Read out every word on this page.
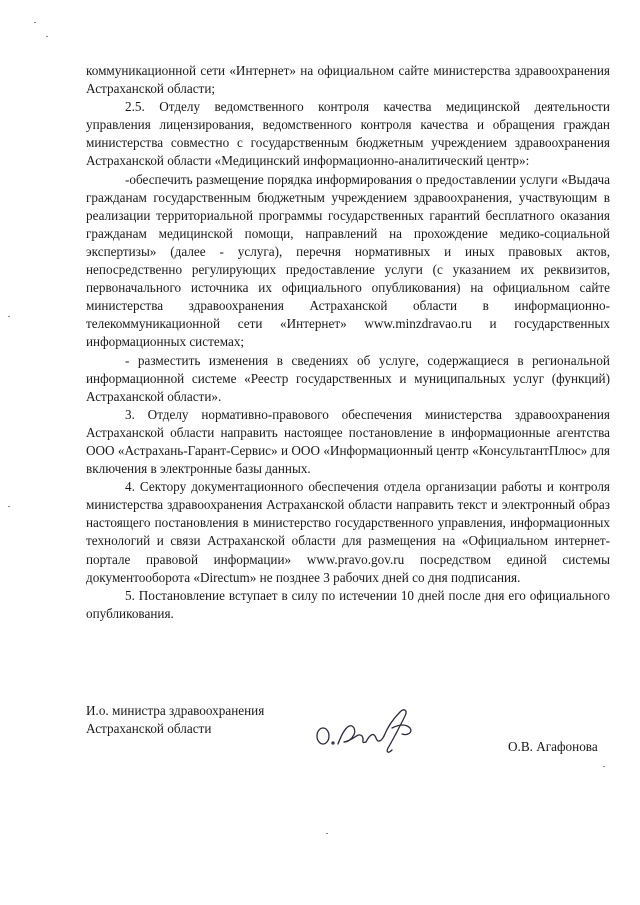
коммуникационной сети «Интернет» на официальном сайте министерства здравоохранения Астраханской области;

2.5. Отделу ведомственного контроля качества медицинской деятельности управления лицензирования, ведомственного контроля качества и обращения граждан министерства совместно с государственным бюджетным учреждением здравоохранения Астраханской области «Медицинский информационно-аналитический центр»:

-обеспечить размещение порядка информирования о предоставлении услуги «Выдача гражданам государственным бюджетным учреждением здравоохранения, участвующим в реализации территориальной программы государственных гарантий бесплатного оказания гражданам медицинской помощи, направлений на прохождение медико-социальной экспертизы» (далее - услуга), перечня нормативных и иных правовых актов, непосредственно регулирующих предоставление услуги (с указанием их реквизитов, первоначального источника их официального опубликования) на официальном сайте министерства здравоохранения Астраханской области в информационно-телекоммуникационной сети «Интернет» www.minzdravao.ru и государственных информационных системах;

- разместить изменения в сведениях об услуге, содержащиеся в региональной информационной системе «Реестр государственных и муниципальных услуг (функций) Астраханской области».

3. Отделу нормативно-правового обеспечения министерства здравоохранения Астраханской области направить настоящее постановление в информационные агентства ООО «Астрахань-Гарант-Сервис» и ООО «Информационный центр «КонсультантПлюс» для включения в электронные базы данных.

4. Сектору документационного обеспечения отдела организации работы и контроля министерства здравоохранения Астраханской области направить текст и электронный образ настоящего постановления в министерство государственного управления, информационных технологий и связи Астраханской области для размещения на «Официальном интернет-портале правовой информации» www.pravo.gov.ru посредством единой системы документооборота «Directum» не позднее 3 рабочих дней со дня подписания.

5. Постановление вступает в силу по истечении 10 дней после дня его официального опубликования.

И.о. министра здравоохранения
Астраханской области
О.В. Агафонова
